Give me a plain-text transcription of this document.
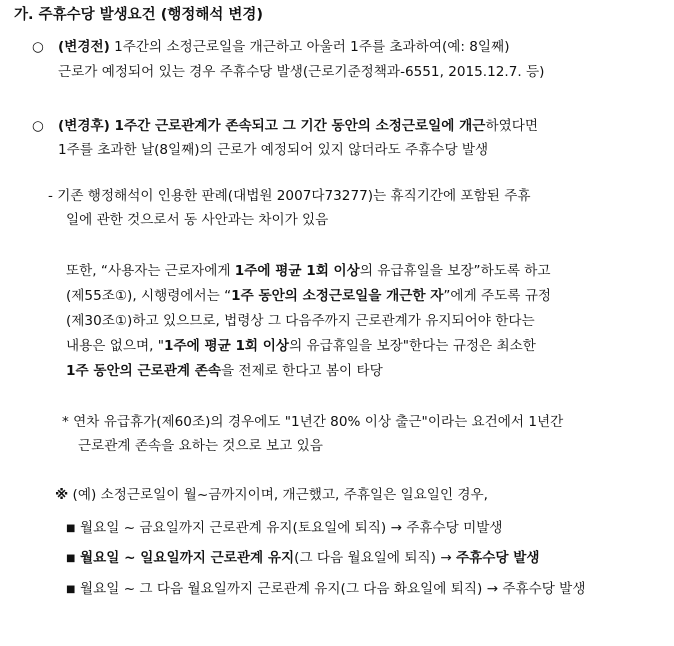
가. 주휴수당 발생요건 (행정해석 변경)
○ (변경전) 1주간의 소정근로일을 개근하고 아울러 1주를 초과하여(예: 8일째)
근로가 예정되어 있는 경우 주휴수당 발생(근로기준정책과-6551, 2015.12.7. 등)
○ (변경후) 1주간 근로관계가 존속되고 그 기간 동안의 소정근로일에 개근하였다면
1주를 초과한 날(8일째)의 근로가 예정되어 있지 않더라도 주휴수당 발생
- 기존 행정해석이 인용한 판례(대법원 2007다73277)는 휴직기간에 포함된 주휴
일에 관한 것으로서 동 사안과는 차이가 있음
또한, “사용자는 근로자에게 1주에 평균 1회 이상의 유급휴일을 보장”하도록 하고
(제55조①), 시행령에서는 “1주 동안의 소정근로일을 개근한 자”에게 주도록 규정
(제30조①)하고 있으므로, 법령상 그 다음주까지 근로관계가 유지되어야 한다는
내용은 없으며, "1주에 평균 1회 이상의 유급휴일을 보장"한다는 규정은 최소한
1주 동안의 근로관계 존속을 전제로 한다고 봄이 타당
* 연차 유급휴가(제60조)의 경우에도 "1년간 80% 이상 출근"이라는 요건에서 1년간
근로관계 존속을 요하는 것으로 보고 있음
※ (예) 소정근로일이 월~금까지이며, 개근했고, 주휴일은 일요일인 경우,
■ 월요일 ~ 금요일까지 근로관계 유지(토요일에 퇴직) → 주휴수당 미발생
■ 월요일 ~ 일요일까지 근로관계 유지(그 다음 월요일에 퇴직) → 주휴수당 발생
■ 월요일 ~ 그 다음 월요일까지 근로관계 유지(그 다음 화요일에 퇴직) → 주휴수당 발생
